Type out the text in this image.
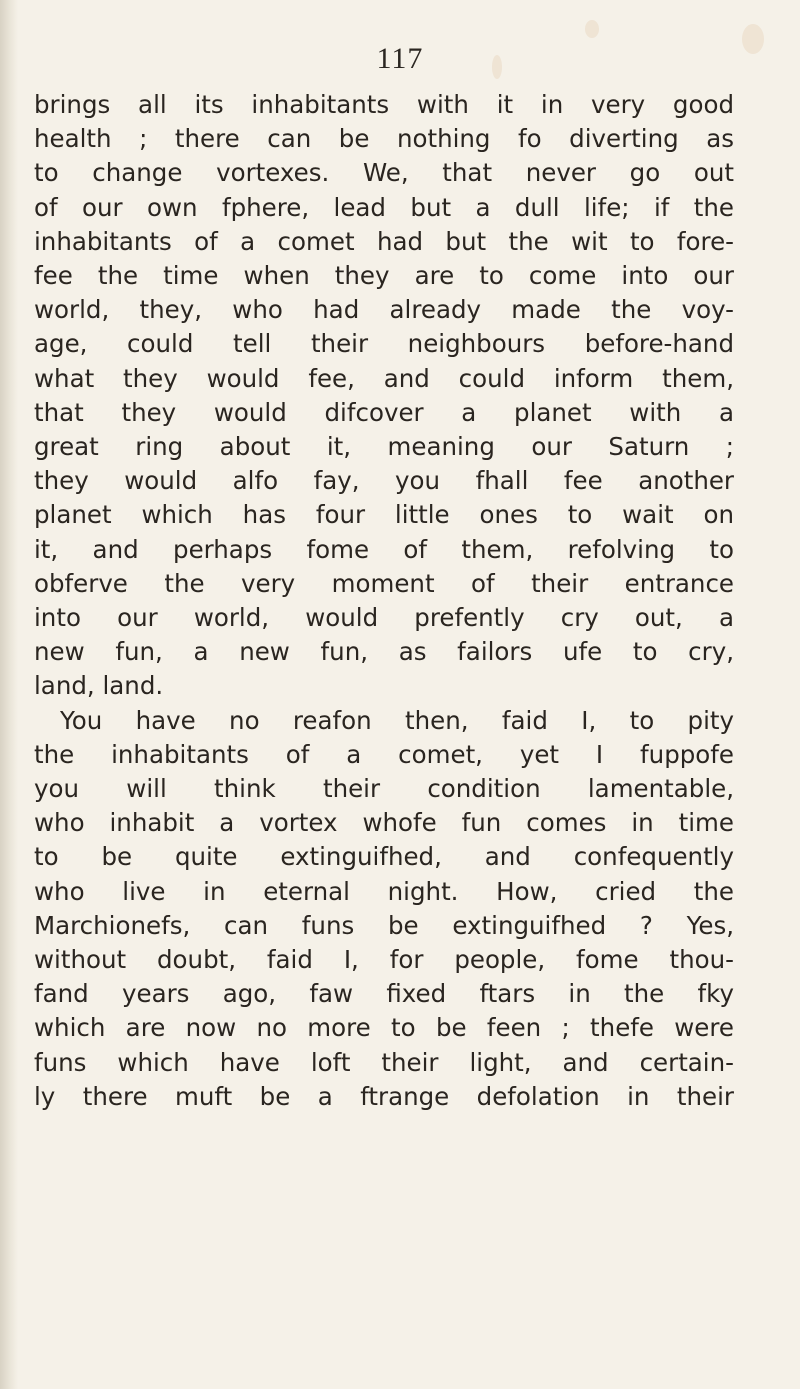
117
brings all its inhabitants with it in very good
health ; there can be nothing fo diverting as
to change vortexes. We, that never go out
of our own fphere, lead but a dull life; if the
inhabitants of a comet had but the wit to fore-
fee the time when they are to come into our
world, they, who had already made the voy-
age, could tell their neighbours before-hand
what they would fee, and could inform them,
that they would difcover a planet with a
great ring about it, meaning our Saturn ;
they would alfo fay, you fhall fee another
planet which has four little ones to wait on
it, and perhaps fome of them, refolving to
obferve the very moment of their entrance
into our world, would prefently cry out, a
new fun, a new fun, as failors ufe to cry,
land, land.
You have no reafon then, faid I, to pity
the inhabitants of a comet, yet I fuppofe
you will think their condition lamentable,
who inhabit a vortex whofe fun comes in time
to be quite extinguifhed, and confequently
who live in eternal night. How, cried the
Marchionefs, can funs be extinguifhed ? Yes,
without doubt, faid I, for people, fome thou-
fand years ago, faw fixed ftars in the fky
which are now no more to be feen ; thefe were
funs which have loft their light, and certain-
ly there muft be a ftrange defolation in their
